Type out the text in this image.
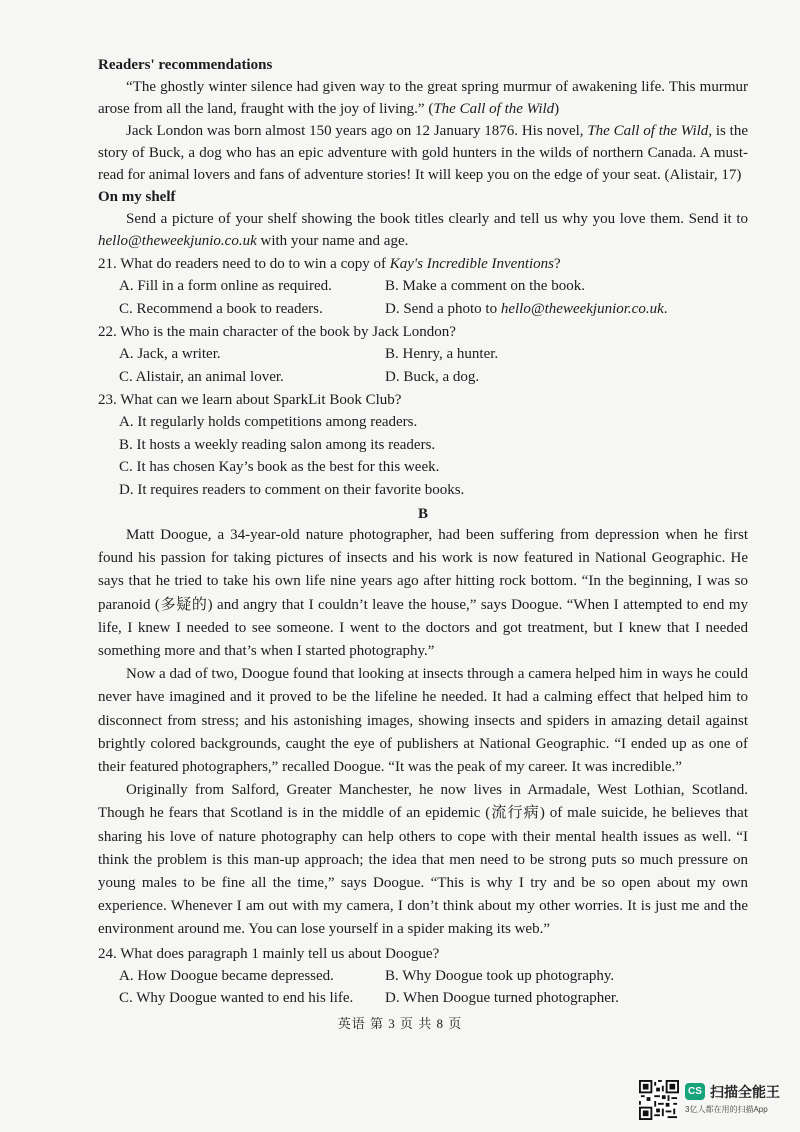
Readers' recommendations

“The ghostly winter silence had given way to the great spring murmur of awakening life. This murmur arose from all the land, fraught with the joy of living.” (The Call of the Wild)

Jack London was born almost 150 years ago on 12 January 1876. His novel, The Call of the Wild, is the story of Buck, a dog who has an epic adventure with gold hunters in the wilds of northern Canada. A must-read for animal lovers and fans of adventure stories! It will keep you on the edge of your seat. (Alistair, 17)

On my shelf

Send a picture of your shelf showing the book titles clearly and tell us why you love them. Send it to hello@theweekjunio.co.uk with your name and age.

21. What do readers need to do to win a copy of Kay's Incredible Inventions?
A. Fill in a form online as required.	B. Make a comment on the book.
C. Recommend a book to readers.	D. Send a photo to hello@theweekjunior.co.uk.
22. Who is the main character of the book by Jack London?
A. Jack, a writer.	B. Henry, a hunter.
C. Alistair, an animal lover.	D. Buck, a dog.
23. What can we learn about SparkLit Book Club?
A. It regularly holds competitions among readers.
B. It hosts a weekly reading salon among its readers.
C. It has chosen Kay’s book as the best for this week.
D. It requires readers to comment on their favorite books.
B

Matt Doogue, a 34-year-old nature photographer, had been suffering from depression when he first found his passion for taking pictures of insects and his work is now featured in National Geographic. He says that he tried to take his own life nine years ago after hitting rock bottom. “In the beginning, I was so paranoid (多疑的) and angry that I couldn’t leave the house,” says Doogue. “When I attempted to end my life, I knew I needed to see someone. I went to the doctors and got treatment, but I knew that I needed something more and that’s when I started photography.”

Now a dad of two, Doogue found that looking at insects through a camera helped him in ways he could never have imagined and it proved to be the lifeline he needed. It had a calming effect that helped him to disconnect from stress; and his astonishing images, showing insects and spiders in amazing detail against brightly colored backgrounds, caught the eye of publishers at National Geographic. “I ended up as one of their featured photographers,” recalled Doogue. “It was the peak of my career. It was incredible.”

Originally from Salford, Greater Manchester, he now lives in Armadale, West Lothian, Scotland. Though he fears that Scotland is in the middle of an epidemic (流行病) of male suicide, he believes that sharing his love of nature photography can help others to cope with their mental health issues as well. “I think the problem is this man-up approach; the idea that men need to be strong puts so much pressure on young males to be fine all the time,” says Doogue. “This is why I try and be so open about my own experience. Whenever I am out with my camera, I don’t think about my other worries. It is just me and the environment around me. You can lose yourself in a spider making its web.”

24. What does paragraph 1 mainly tell us about Doogue?
A. How Doogue became depressed.	B. Why Doogue took up photography.
C. Why Doogue wanted to end his life.	D. When Doogue turned photographer.
英语 第 3 页 共 8 页
CS 扫描全能王
3亿人都在用的扫描App
